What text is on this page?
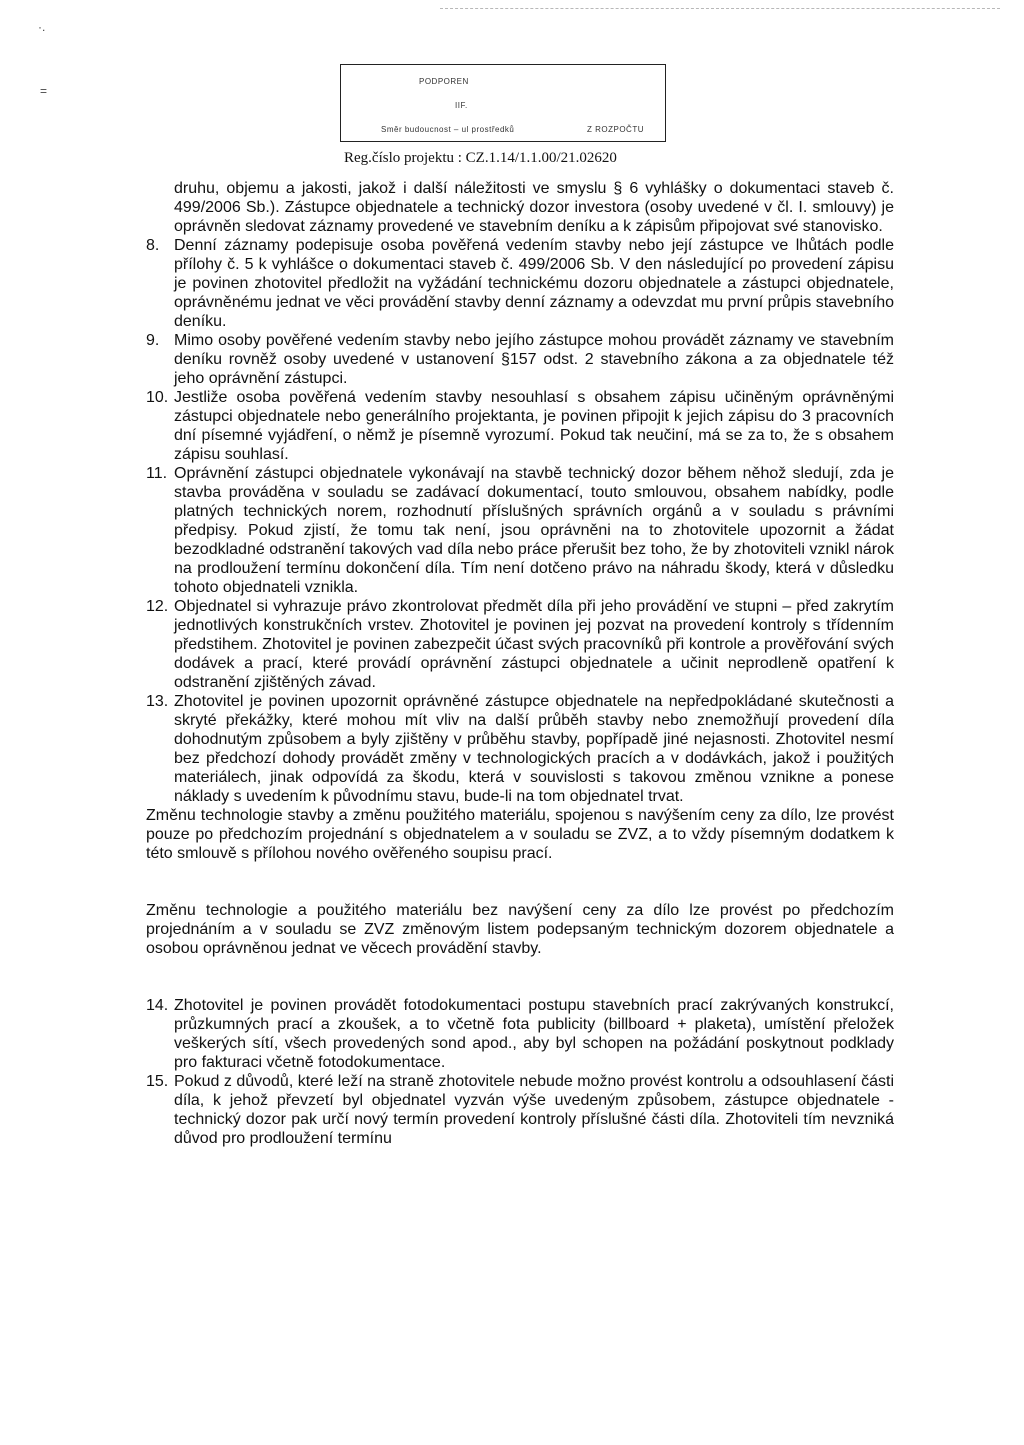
·.
=
PODPOREN
IIF.
Směr budoucnost – ul prostředků	Z ROZPOČTU
Reg.číslo projektu : CZ.1.14/1.1.00/21.02620

druhu, objemu a jakosti, jakož i další náležitosti ve smyslu § 6 vyhlášky o dokumentaci staveb č. 499/2006 Sb.). Zástupce objednatele a technický dozor investora (osoby uvedené v čl. I. smlouvy) je oprávněn sledovat záznamy provedené ve stavebním deníku a k zápisům připojovat své stanovisko.

8. Denní záznamy podepisuje osoba pověřená vedením stavby nebo její zástupce ve lhůtách podle přílohy č. 5 k vyhlášce o dokumentaci staveb č. 499/2006 Sb. V den následující po provedení zápisu je povinen zhotovitel předložit na vyžádání technickému dozoru objednatele a zástupci objednatele, oprávněnému jednat ve věci provádění stavby denní záznamy a odevzdat mu první průpis stavebního deníku.

9. Mimo osoby pověřené vedením stavby nebo jejího zástupce mohou provádět záznamy ve stavebním deníku rovněž osoby uvedené v ustanovení §157 odst. 2 stavebního zákona a za objednatele též jeho oprávnění zástupci.

10. Jestliže osoba pověřená vedením stavby nesouhlasí s obsahem zápisu učiněným oprávněnými zástupci objednatele nebo generálního projektanta, je povinen připojit k jejich zápisu do 3 pracovních dní písemné vyjádření, o němž je písemně vyrozumí. Pokud tak neučiní, má se za to, že s obsahem zápisu souhlasí.

11. Oprávnění zástupci objednatele vykonávají na stavbě technický dozor během něhož sledují, zda je stavba prováděna v souladu se zadávací dokumentací, touto smlouvou, obsahem nabídky, podle platných technických norem, rozhodnutí příslušných správních orgánů a v souladu s právními předpisy. Pokud zjistí, že tomu tak není, jsou oprávněni na to zhotovitele upozornit a žádat bezodkladné odstranění takových vad díla nebo práce přerušit bez toho, že by zhotoviteli vznikl nárok na prodloužení termínu dokončení díla. Tím není dotčeno právo na náhradu škody, která v důsledku tohoto objednateli vznikla.

12. Objednatel si vyhrazuje právo zkontrolovat předmět díla při jeho provádění ve stupni – před zakrytím jednotlivých konstrukčních vrstev. Zhotovitel je povinen jej pozvat na provedení kontroly s třídenním předstihem. Zhotovitel je povinen zabezpečit účast svých pracovníků při kontrole a prověřování svých dodávek a prací, které provádí oprávnění zástupci objednatele a učinit neprodleně opatření k odstranění zjištěných závad.

13. Zhotovitel je povinen upozornit oprávněné zástupce objednatele na nepředpokládané skutečnosti a skryté překážky, které mohou mít vliv na další průběh stavby nebo znemožňují provedení díla dohodnutým způsobem a byly zjištěny v průběhu stavby, popřípadě jiné nejasnosti. Zhotovitel nesmí bez předchozí dohody provádět změny v technologických pracích a v dodávkách, jakož i použitých materiálech, jinak odpovídá za škodu, která v souvislosti s takovou změnou vznikne a ponese náklady s uvedením k původnímu stavu, bude-li na tom objednatel trvat.

Změnu technologie stavby a změnu použitého materiálu, spojenou s navýšením ceny za dílo, lze provést pouze po předchozím projednání s objednatelem a v souladu se ZVZ, a to vždy písemným dodatkem k této smlouvě s přílohou nového ověřeného soupisu prací.

Změnu technologie a použitého materiálu bez navýšení ceny za dílo lze provést po předchozím projednáním a v souladu se ZVZ změnovým listem podepsaným technickým dozorem objednatele a osobou oprávněnou jednat ve věcech provádění stavby.

14. Zhotovitel je povinen provádět fotodokumentaci postupu stavebních prací zakrývaných konstrukcí, průzkumných prací a zkoušek, a to včetně fota publicity (billboard + plaketa), umístění přeložek veškerých sítí, všech provedených sond apod., aby byl schopen na požádání poskytnout podklady pro fakturaci včetně fotodokumentace.

15. Pokud z důvodů, které leží na straně zhotovitele nebude možno provést kontrolu a odsouhlasení části díla, k jehož převzetí byl objednatel vyzván výše uvedeným způsobem, zástupce objednatele - technický dozor pak určí nový termín provedení kontroly příslušné části díla. Zhotoviteli tím nevzniká důvod pro prodloužení termínu
